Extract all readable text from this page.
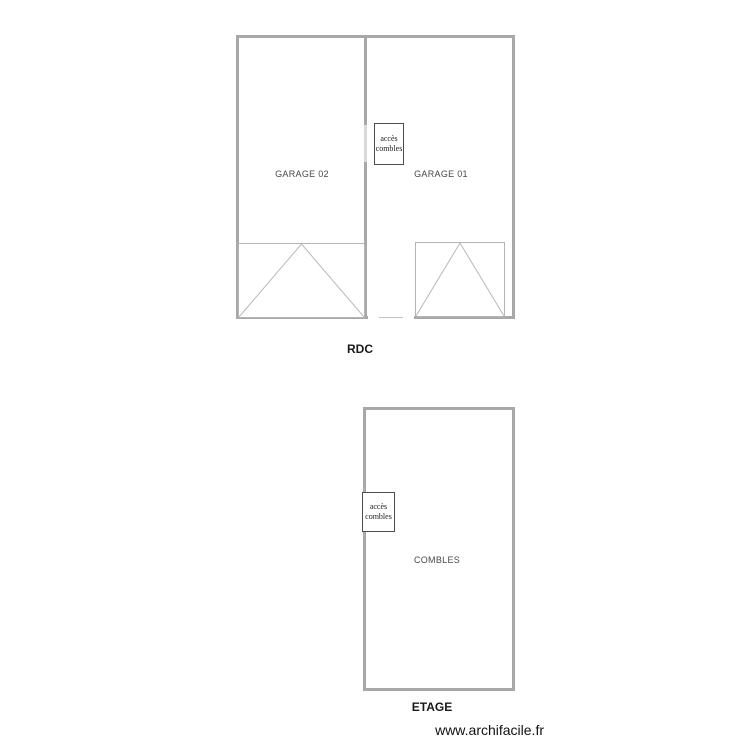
accès
combles
GARAGE 02	GARAGE 01
RDC
accès
combles
COMBLES
ETAGE
www.archifacile.fr
